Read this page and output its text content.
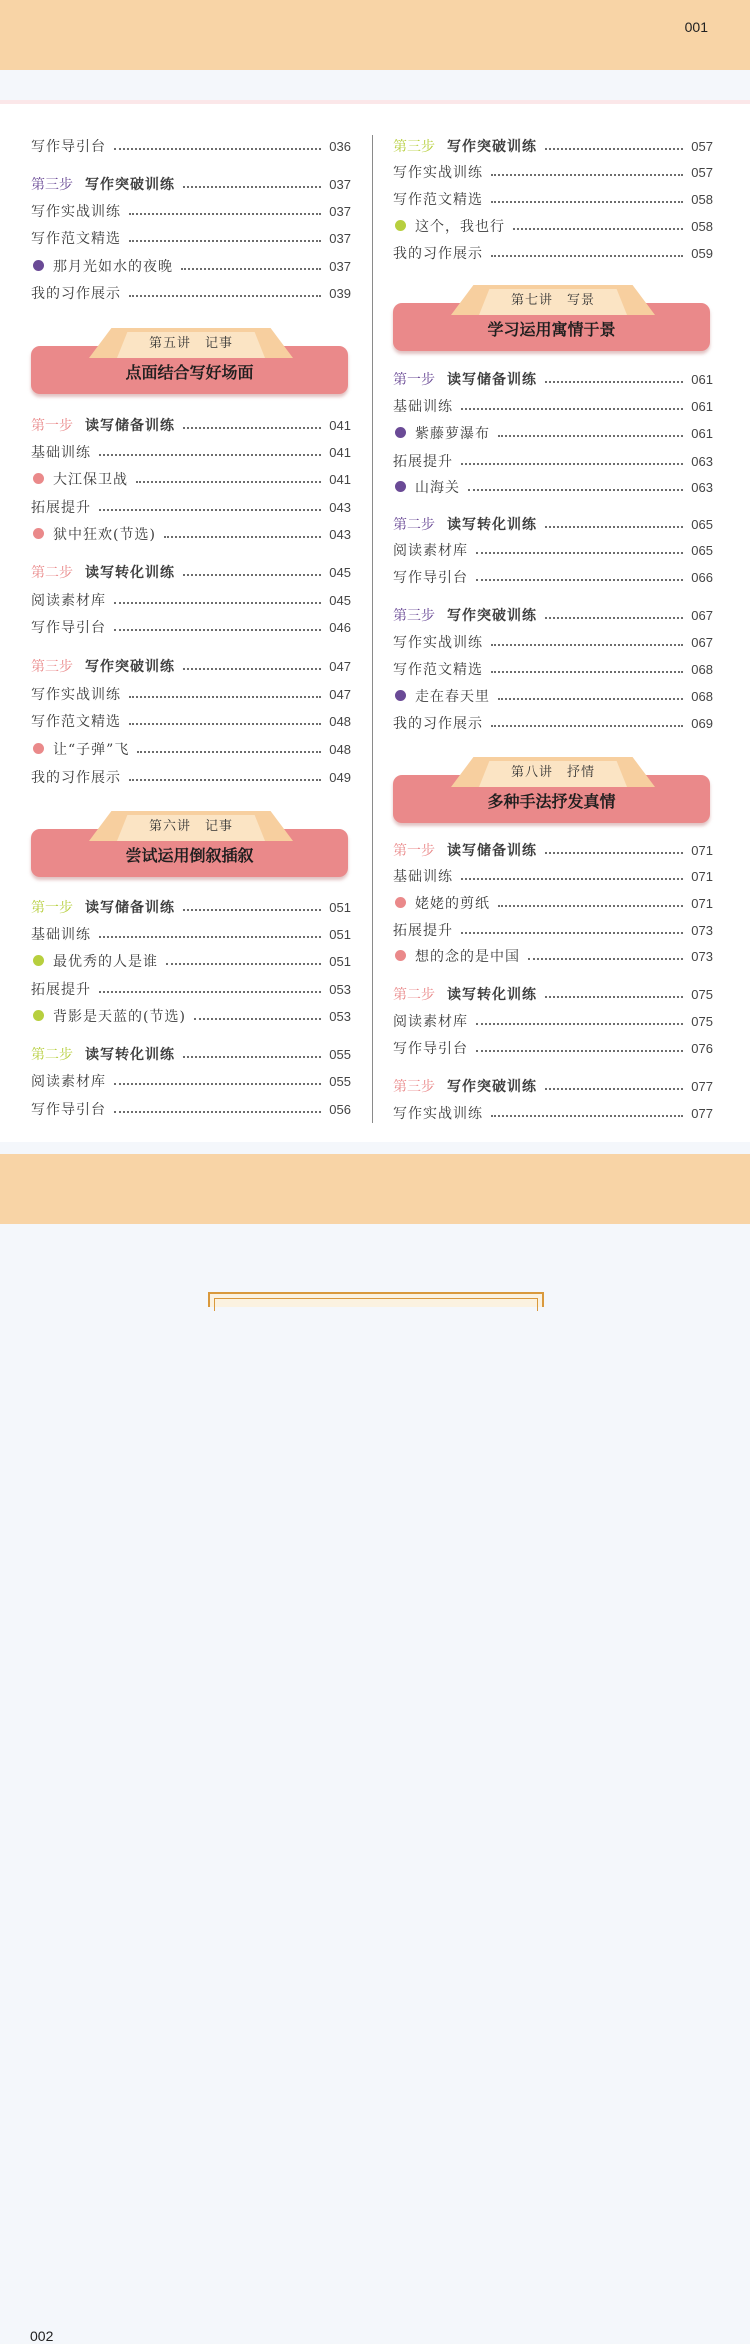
001
写作导引台	036
第三步 写作突破训练	037
写作实战训练	037
写作范文精选	037
那月光如水的夜晚	037
我的习作展示	039
点面结合写好场面
第五讲　记事
第一步 读写储备训练	041
基础训练	041
大江保卫战	041
拓展提升	043
狱中狂欢(节选)	043
第二步 读写转化训练	045
阅读素材库	045
写作导引台	046
第三步 写作突破训练	047
写作实战训练	047
写作范文精选	048
让“子弹”飞	048
我的习作展示	049
尝试运用倒叙插叙
第六讲　记事
第一步 读写储备训练	051
基础训练	051
最优秀的人是谁	051
拓展提升	053
背影是天蓝的(节选)	053
第二步 读写转化训练	055
阅读素材库	055
写作导引台	056
第三步 写作突破训练	057
写作实战训练	057
写作范文精选	058
这个，我也行	058
我的习作展示	059
学习运用寓情于景
第七讲　写景
第一步 读写储备训练	061
基础训练	061
紫藤萝瀑布	061
拓展提升	063
山海关	063
第二步 读写转化训练	065
阅读素材库	065
写作导引台	066
第三步 写作突破训练	067
写作实战训练	067
写作范文精选	068
走在春天里	068
我的习作展示	069
多种手法抒发真情
第八讲　抒情
第一步 读写储备训练	071
基础训练	071
姥姥的剪纸	071
拓展提升	073
想的念的是中国	073
第二步 读写转化训练	075
阅读素材库	075
写作导引台	076
第三步 写作突破训练	077
写作实战训练	077
002
